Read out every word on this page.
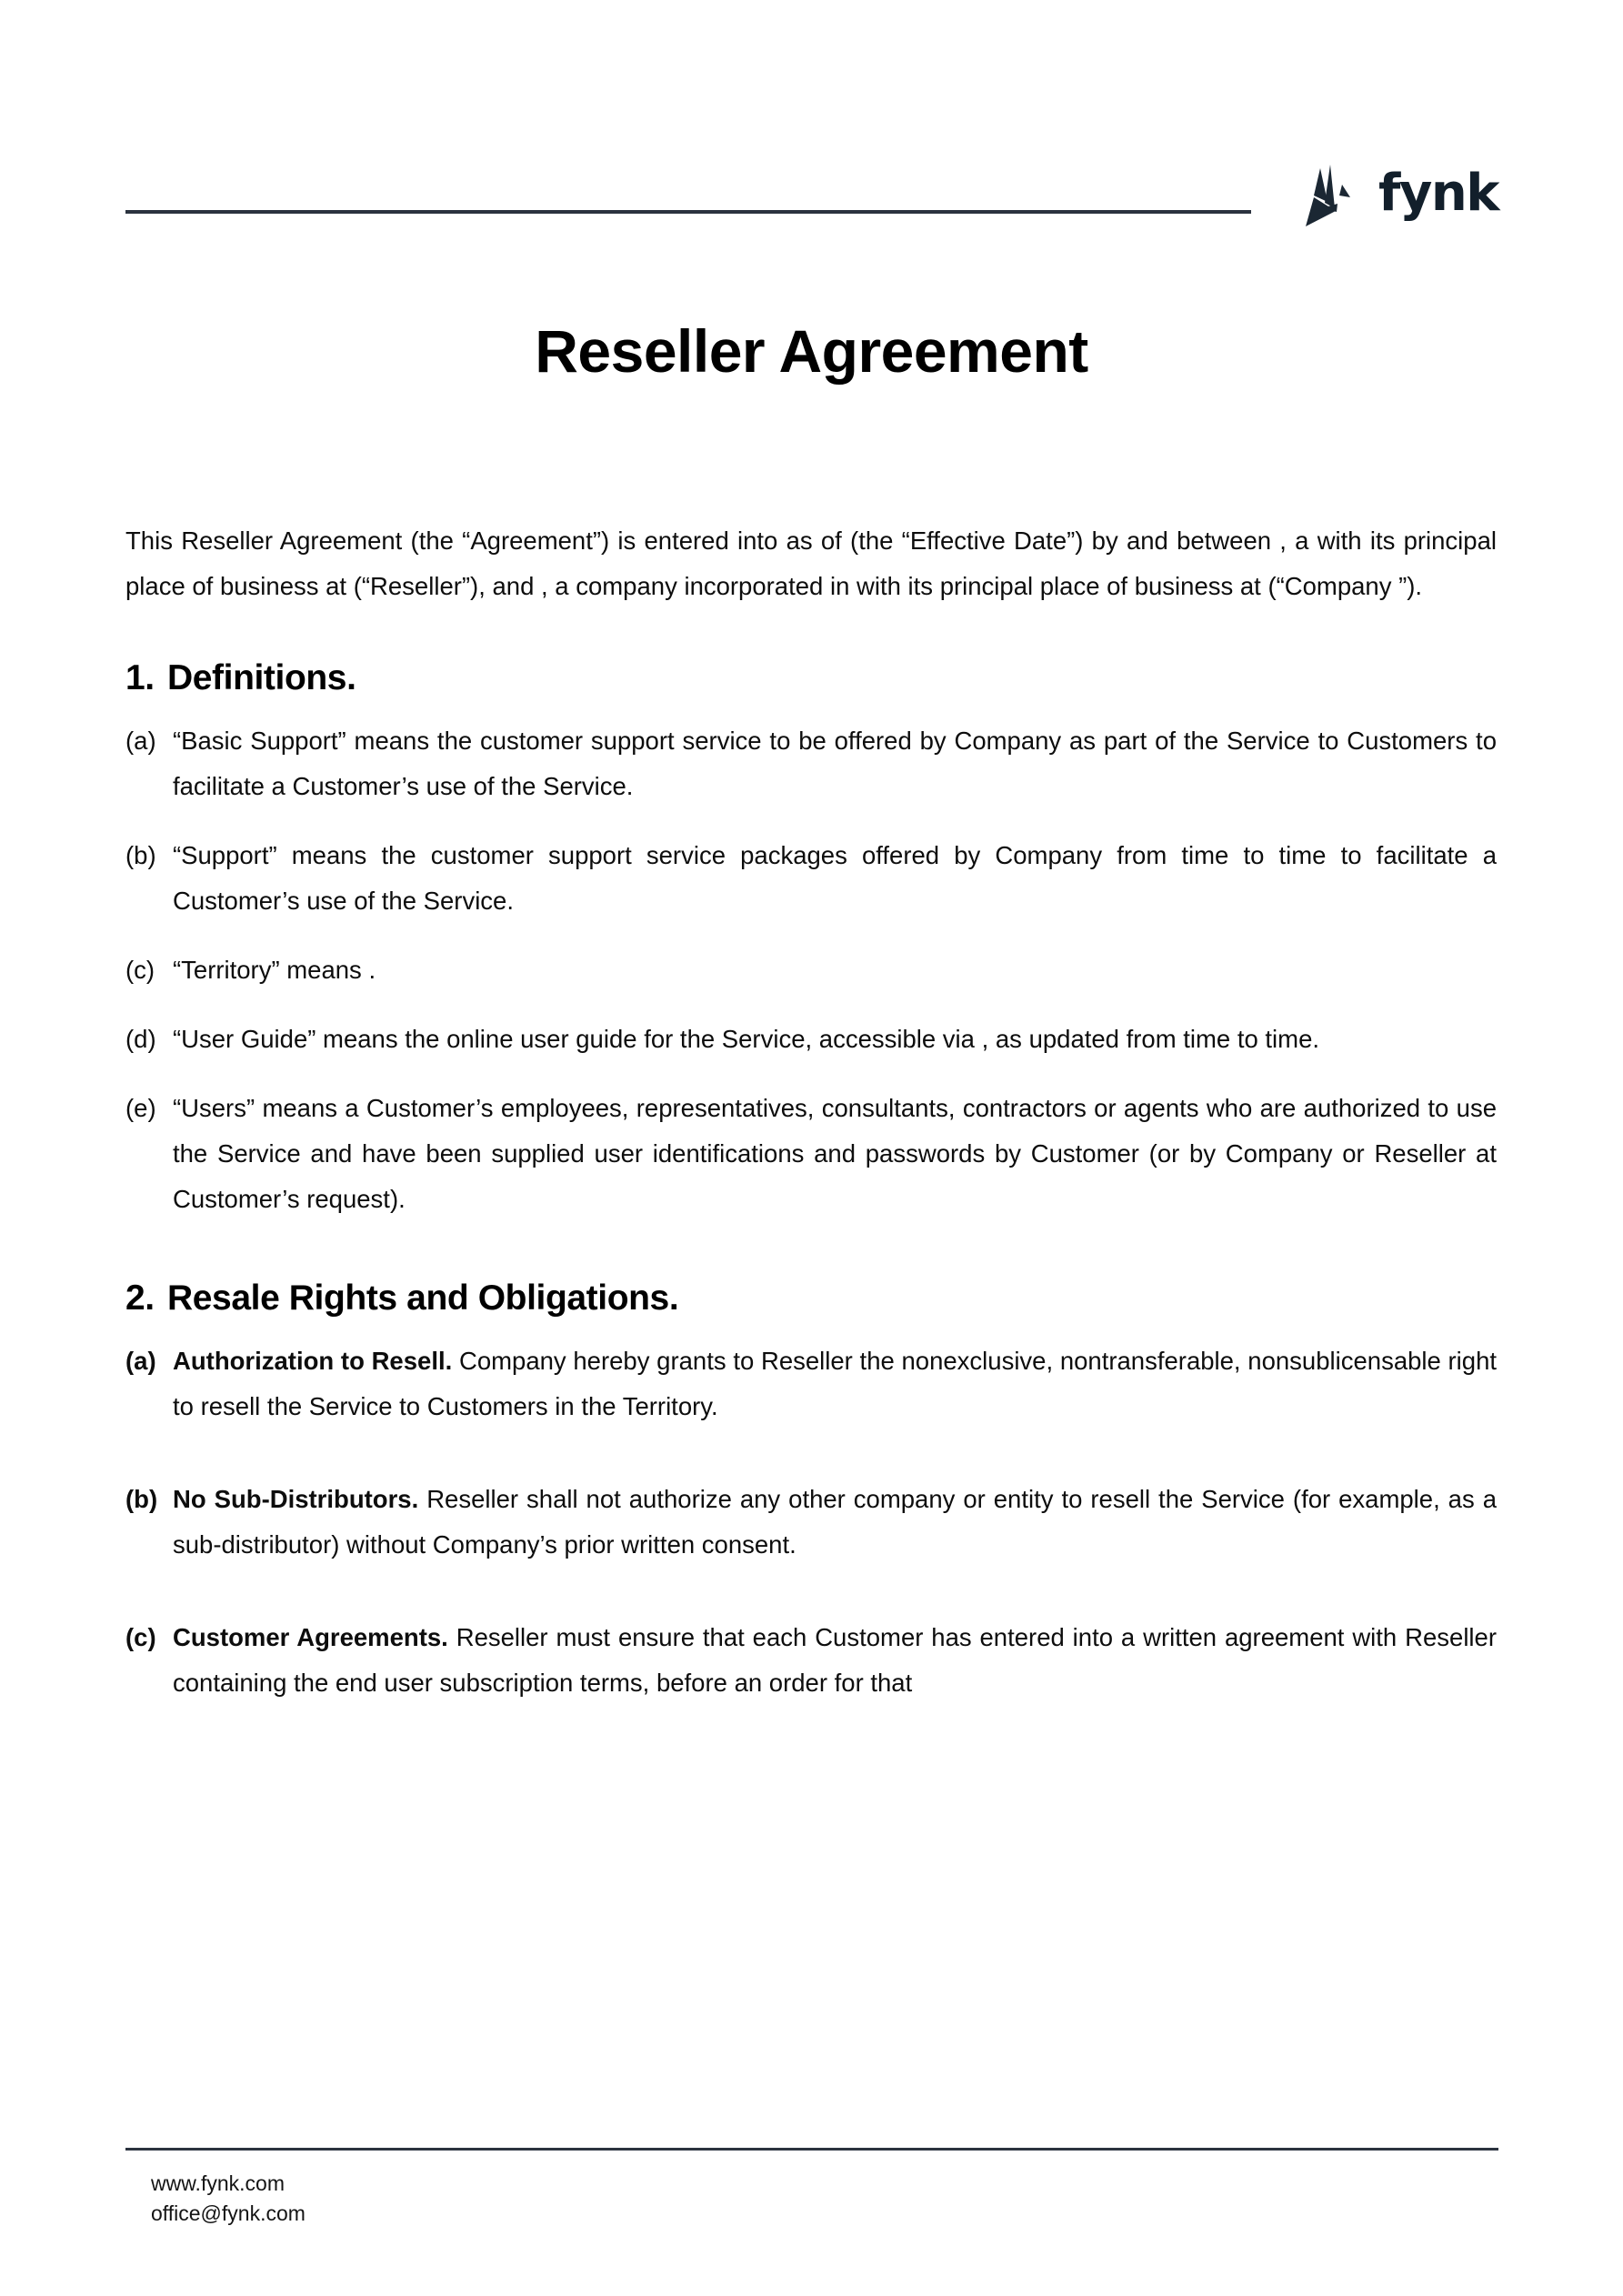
fynk
Reseller Agreement

This Reseller Agreement (the “Agreement”) is entered into as of (the “Effective Date”) by and between , a with its principal place of business at (“Reseller”), and , a company incorporated in with its principal place of business at (“Company ”).

1. Definitions.
(a) “Basic Support” means the customer support service to be offered by Company as part of the Service to Customers to facilitate a Customer’s use of the Service.
(b) “Support” means the customer support service packages offered by Company from time to time to facilitate a Customer’s use of the Service.
(c) “Territory” means .
(d) “User Guide” means the online user guide for the Service, accessible via , as updated from time to time.
(e) “Users” means a Customer’s employees, representatives, consultants, contractors or agents who are authorized to use the Service and have been supplied user identifications and passwords by Customer (or by Company or Reseller at Customer’s request).
2. Resale Rights and Obligations.
(a) Authorization to Resell. Company hereby grants to Reseller the nonexclusive, nontransferable, nonsublicensable right to resell the Service to Customers in the Territory.
(b) No Sub-Distributors. Reseller shall not authorize any other company or entity to resell the Service (for example, as a sub-distributor) without Company’s prior written consent.
(c) Customer Agreements. Reseller must ensure that each Customer has entered into a written agreement with Reseller containing the end user subscription terms, before an order for that
www.fynk.com
office@fynk.com
